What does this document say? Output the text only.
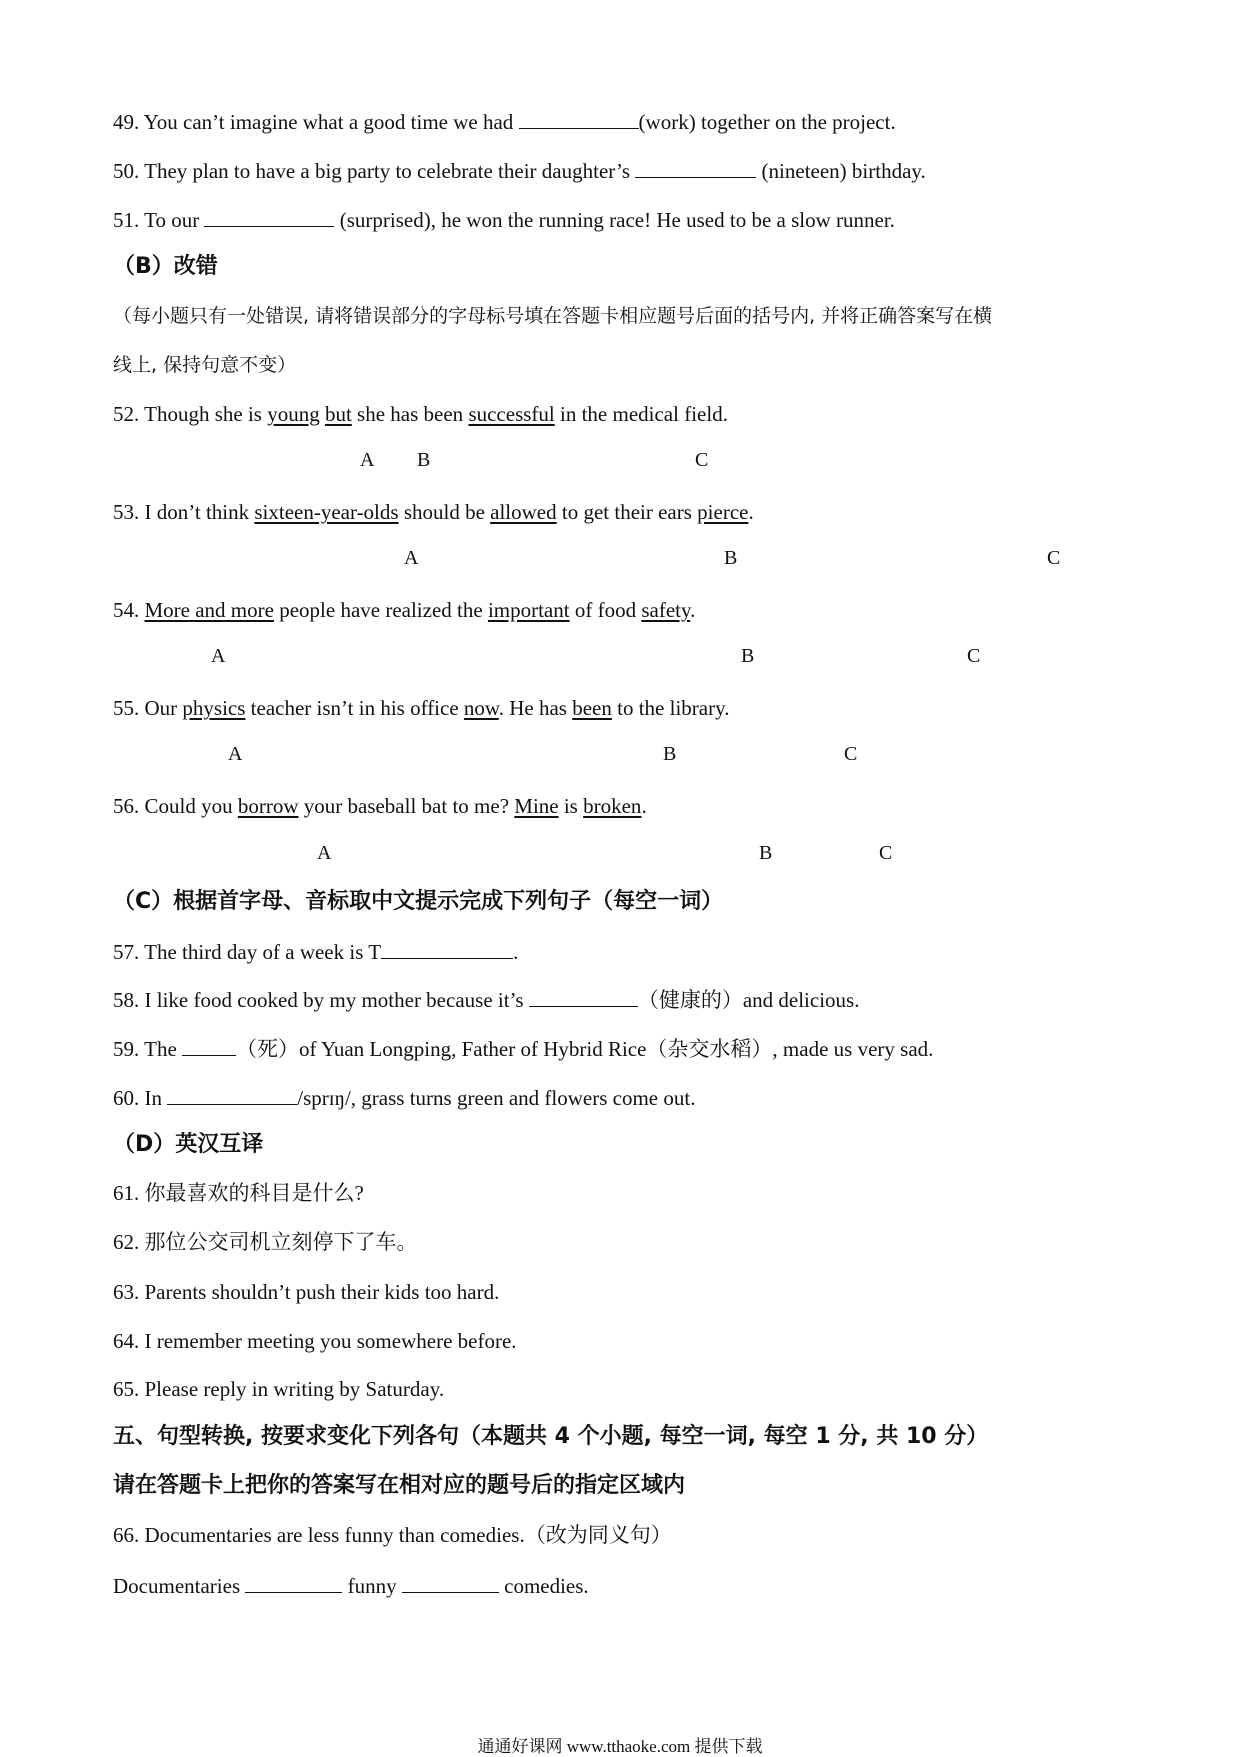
49. You can’t imagine what a good time we had	(work) together on the project.
50. They plan to have a big party to celebrate their daughter’s	(nineteen) birthday.
51. To our	(surprised), he won the running race! He used to be a slow runner.
（B）改错
（每小题只有一处错误, 请将错误部分的字母标号填在答题卡相应题号后面的括号内, 并将正确答案写在横
线上, 保持句意不变）
52. Though she is young but she has been successful in the medical field.
53. I don’t think sixteen-year-olds should be allowed to get their ears pierce.
54. More and more people have realized the important of food safety.
55. Our physics teacher isn’t in his office now. He has been to the library.
56. Could you borrow your baseball bat to me? Mine is broken.
（C）根据首字母、音标取中文提示完成下列句子（每空一词）
57. The third day of a week is T	.
58. I like food cooked by my mother because it’s	（健康的）and delicious.
59. The	（死）of Yuan Longping, Father of Hybrid Rice（杂交水稻）, made us very sad.
60. In	/sprɪŋ/, grass turns green and flowers come out.
（D）英汉互译
61. 你最喜欢的科目是什么?
62. 那位公交司机立刻停下了车。
63. Parents shouldn’t push their kids too hard.
64. I remember meeting you somewhere before.
65. Please reply in writing by Saturday.
五、句型转换, 按要求变化下列各句（本题共 4 个小题, 每空一词, 每空 1 分, 共 10 分）
请在答题卡上把你的答案写在相对应的题号后的指定区域内
66. Documentaries are less funny than comedies.（改为同义句）
Documentaries	funny	comedies.
A B	C
A	B	C
A	B	C
A	B	C
A	B	C
通通好课网 www.tthaoke.com 提供下载
